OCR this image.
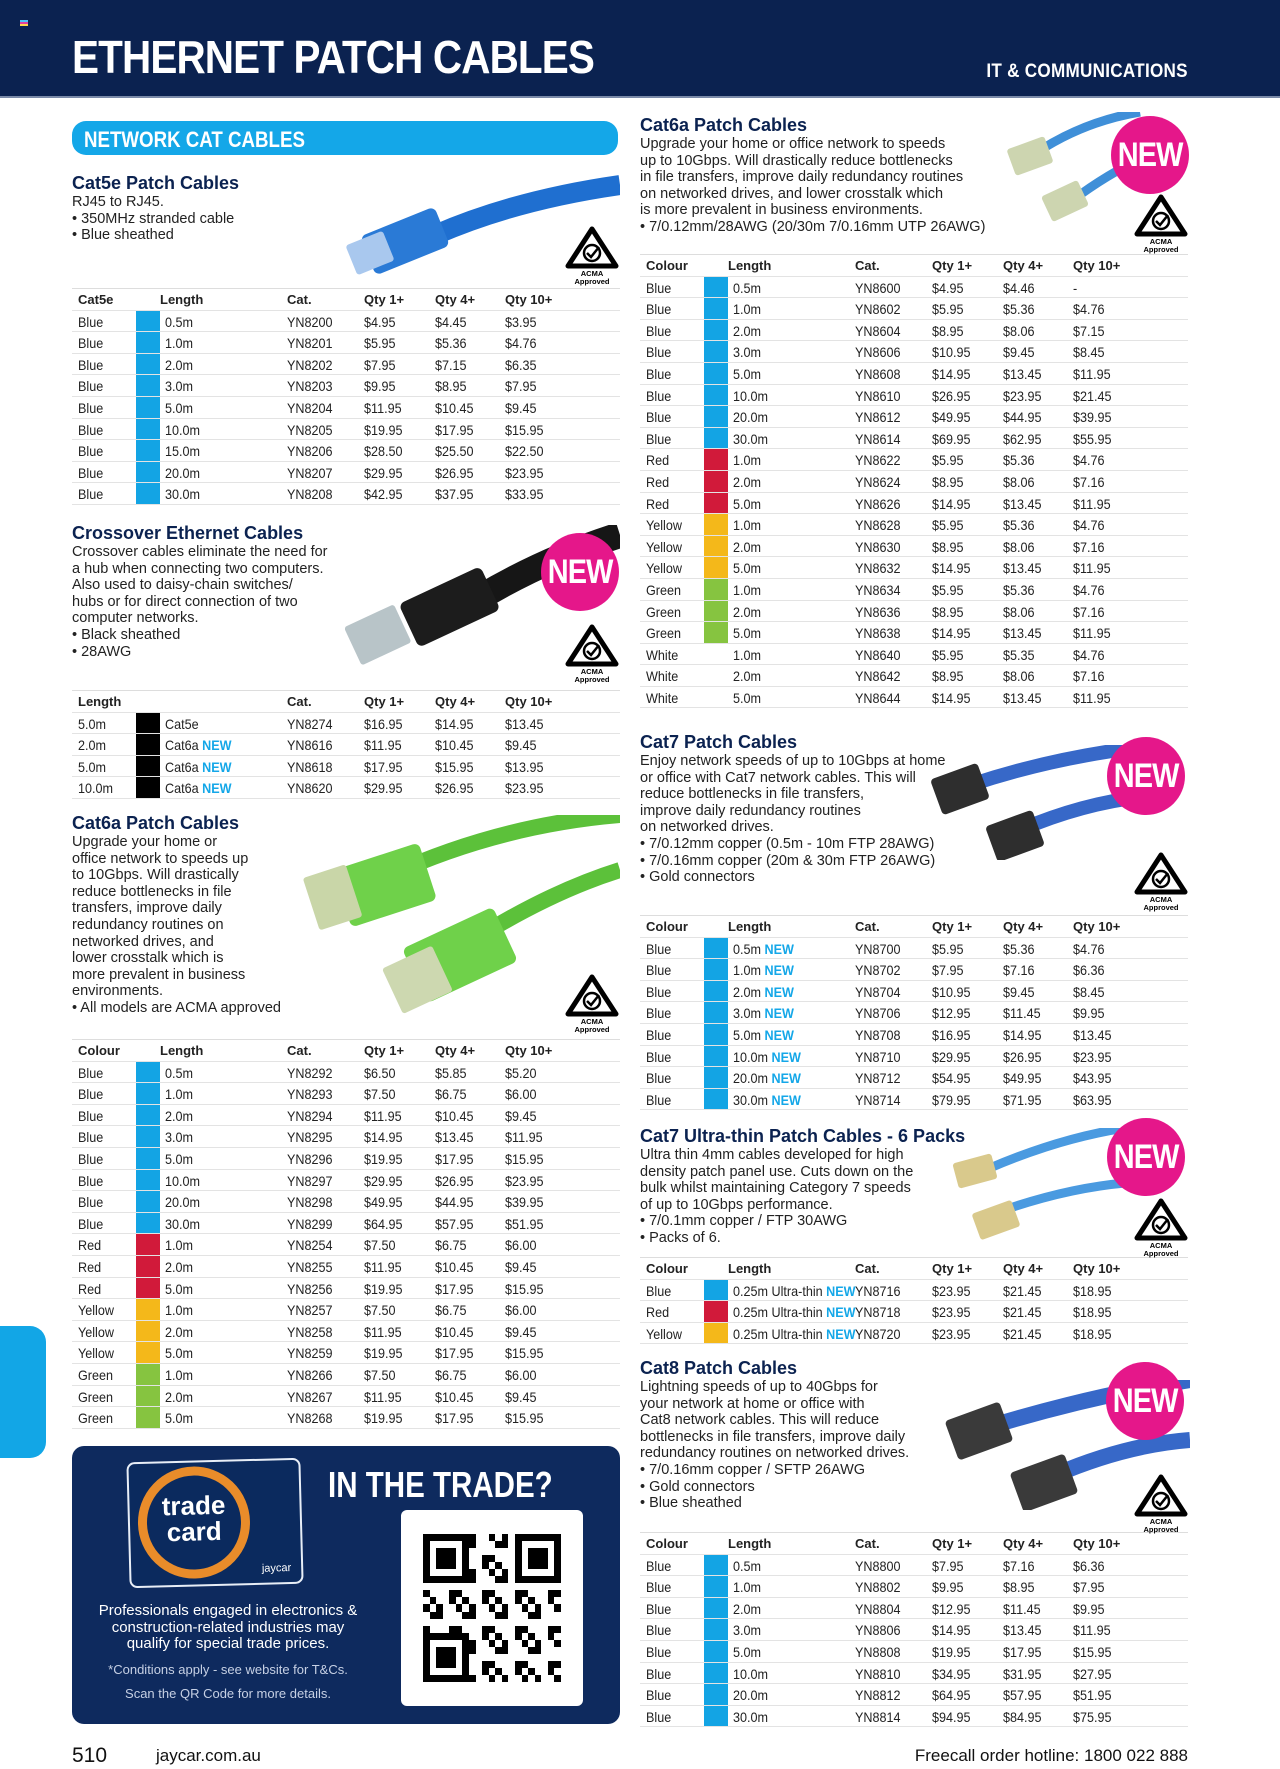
ETHERNET PATCH CABLES	IT & COMMUNICATIONS
NETWORK CAT CABLES
Cat5e Patch Cables

RJ45 to RJ45.

• 350MHz stranded cable

• Blue sheathed

Cat5e	Length	Cat.	Qty 1+ Qty 4+ Qty 10+
Blue	0.5m	YN8200 $4.95	$4.45	$3.95
Blue	1.0m	YN8201 $5.95	$5.36	$4.76
Blue	2.0m	YN8202 $7.95	$7.15	$6.35
Blue	3.0m	YN8203 $9.95	$8.95	$7.95
Blue	5.0m	YN8204 $11.95 $10.45 $9.45
Blue	10.0m	YN8205 $19.95 $17.95 $15.95
Blue	15.0m	YN8206 $28.50 $25.50 $22.50
Blue	20.0m	YN8207 $29.95 $26.95 $23.95
Blue	30.0m	YN8208 $42.95 $37.95 $33.95
Crossover Ethernet Cables

Crossover cables eliminate the need for

a hub when connecting two computers.

Also used to daisy-chain switches/

hubs or for direct connection of two

computer networks.

• Black sheathed

• 28AWG

NEW
Length	Cat.	Qty 1+ Qty 4+ Qty 10+
5.0m	Cat5e	YN8274 $16.95 $14.95 $13.45
2.0m	Cat6a NEW	YN8616 $11.95 $10.45 $9.45
5.0m	Cat6a NEW	YN8618 $17.95 $15.95 $13.95
10.0m	Cat6a NEW	YN8620 $29.95 $26.95 $23.95
Cat6a Patch Cables

Upgrade your home or

office network to speeds up

to 10Gbps. Will drastically

reduce bottlenecks in file

transfers, improve daily

redundancy routines on

networked drives, and

lower crosstalk which is

more prevalent in business

environments.

• All models are ACMA approved

Colour	Length	Cat.	Qty 1+ Qty 4+ Qty 10+
Blue	0.5m	YN8292 $6.50	$5.85	$5.20
Blue	1.0m	YN8293 $7.50	$6.75	$6.00
Blue	2.0m	YN8294 $11.95 $10.45 $9.45
Blue	3.0m	YN8295 $14.95 $13.45 $11.95
Blue	5.0m	YN8296 $19.95 $17.95 $15.95
Blue	10.0m	YN8297 $29.95 $26.95 $23.95
Blue	20.0m	YN8298 $49.95 $44.95 $39.95
Blue	30.0m	YN8299 $64.95 $57.95 $51.95
Red	1.0m	YN8254 $7.50	$6.75	$6.00
Red	2.0m	YN8255 $11.95 $10.45 $9.45
Red	5.0m	YN8256 $19.95 $17.95 $15.95
Yellow	1.0m	YN8257 $7.50	$6.75	$6.00
Yellow	2.0m	YN8258 $11.95 $10.45 $9.45
Yellow	5.0m	YN8259 $19.95 $17.95 $15.95
Green	1.0m	YN8266 $7.50	$6.75	$6.00
Green	2.0m	YN8267 $11.95 $10.45 $9.45
Green	5.0m	YN8268 $19.95 $17.95 $15.95
trade
card
jaycar
IN THE TRADE?
Professionals engaged in electronics & construction-related industries may qualify for special trade prices.
*Conditions apply - see website for T&Cs.
Scan the QR Code for more details.
Cat6a Patch Cables

Upgrade your home or office network to speeds

up to 10Gbps. Will drastically reduce bottlenecks

in file transfers, improve daily redundancy routines

on networked drives, and lower crosstalk which

is more prevalent in business environments.

• 7/0.12mm/28AWG (20/30m 7/0.16mm UTP 26AWG)

NEW
Colour	Length	Cat.	Qty 1+ Qty 4+ Qty 10+
Blue	0.5m	YN8600 $4.95	$4.46	-
Blue	1.0m	YN8602 $5.95	$5.36	$4.76
Blue	2.0m	YN8604 $8.95	$8.06	$7.15
Blue	3.0m	YN8606 $10.95 $9.45	$8.45
Blue	5.0m	YN8608 $14.95 $13.45 $11.95
Blue	10.0m	YN8610 $26.95 $23.95 $21.45
Blue	20.0m	YN8612 $49.95 $44.95 $39.95
Blue	30.0m	YN8614 $69.95 $62.95 $55.95
Red	1.0m	YN8622 $5.95	$5.36	$4.76
Red	2.0m	YN8624 $8.95	$8.06	$7.16
Red	5.0m	YN8626 $14.95 $13.45 $11.95
Yellow	1.0m	YN8628 $5.95	$5.36	$4.76
Yellow	2.0m	YN8630 $8.95	$8.06	$7.16
Yellow	5.0m	YN8632 $14.95 $13.45 $11.95
Green	1.0m	YN8634 $5.95	$5.36	$4.76
Green	2.0m	YN8636 $8.95	$8.06	$7.16
Green	5.0m	YN8638 $14.95 $13.45 $11.95
White	1.0m	YN8640 $5.95	$5.35	$4.76
White	2.0m	YN8642 $8.95	$8.06	$7.16
White	5.0m	YN8644 $14.95 $13.45 $11.95
Cat7 Patch Cables

Enjoy network speeds of up to 10Gbps at home

or office with Cat7 network cables. This will

reduce bottlenecks in file transfers,

improve daily redundancy routines

on networked drives.

• 7/0.12mm copper (0.5m - 10m FTP 28AWG)

• 7/0.16mm copper (20m & 30m FTP 26AWG)

• Gold connectors

NEW
Colour	Length	Cat.	Qty 1+ Qty 4+ Qty 10+
Blue	0.5m NEW	YN8700 $5.95	$5.36	$4.76
Blue	1.0m NEW	YN8702 $7.95	$7.16	$6.36
Blue	2.0m NEW	YN8704 $10.95 $9.45	$8.45
Blue	3.0m NEW	YN8706 $12.95 $11.45 $9.95
Blue	5.0m NEW	YN8708 $16.95 $14.95 $13.45
Blue	10.0m NEW	YN8710 $29.95 $26.95 $23.95
Blue	20.0m NEW	YN8712 $54.95 $49.95 $43.95
Blue	30.0m NEW	YN8714 $79.95 $71.95 $63.95
Cat7 Ultra-thin Patch Cables - 6 Packs

Ultra thin 4mm cables developed for high

density patch panel use. Cuts down on the

bulk whilst maintaining Category 7 speeds

of up to 10Gbps performance.

• 7/0.1mm copper / FTP 30AWG

• Packs of 6.

NEW
Colour	Length	Cat.	Qty 1+ Qty 4+ Qty 10+
Blue	0.25m Ultra-thin NEW YN8716 $23.95 $21.45 $18.95
Red	0.25m Ultra-thin NEW YN8718 $23.95 $21.45 $18.95
Yellow	0.25m Ultra-thin NEW YN8720 $23.95 $21.45 $18.95
Cat8 Patch Cables

Lightning speeds of up to 40Gbps for

your network at home or office with

Cat8 network cables. This will reduce

bottlenecks in file transfers, improve daily

redundancy routines on networked drives.

• 7/0.16mm copper / SFTP 26AWG

• Gold connectors

• Blue sheathed

NEW
Colour	Length	Cat.	Qty 1+ Qty 4+ Qty 10+
Blue	0.5m	YN8800 $7.95	$7.16	$6.36
Blue	1.0m	YN8802 $9.95	$8.95	$7.95
Blue	2.0m	YN8804 $12.95 $11.45 $9.95
Blue	3.0m	YN8806 $14.95 $13.45 $11.95
Blue	5.0m	YN8808 $19.95 $17.95 $15.95
Blue	10.0m	YN8810 $34.95 $31.95 $27.95
Blue	20.0m	YN8812 $64.95 $57.95 $51.95
Blue	30.0m	YN8814 $94.95 $84.95 $75.95
ACMA
Approved
ACMA
Approved
ACMA
Approved
ACMA
Approved
ACMA
Approved
ACMA
Approved
ACMA
Approved
510	jaycar.com.au	Freecall order hotline: 1800 022 888
